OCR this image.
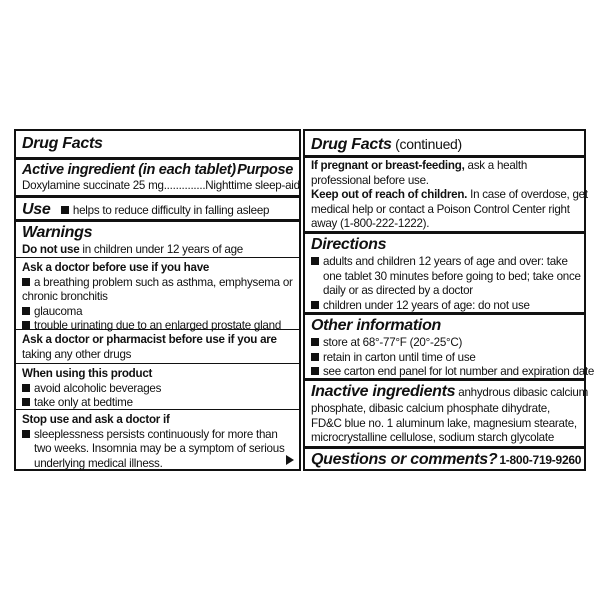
Drug Facts
Active ingredient (in each tablet) Purpose
Doxylamine succinate 25 mg..............Nighttime sleep-aid
Use helps to reduce difficulty in falling asleep
Warnings
Do not use in children under 12 years of age
Ask a doctor before use if you have
a breathing problem such as asthma, emphysema or
chronic bronchitis
glaucoma
trouble urinating due to an enlarged prostate gland
Ask a doctor or pharmacist before use if you are
taking any other drugs
When using this product
avoid alcoholic beverages
take only at bedtime
Stop use and ask a doctor if
sleeplessness persists continuously for more than
two weeks. Insomnia may be a symptom of serious
underlying medical illness.
Drug Facts (continued)
If pregnant or breast-feeding, ask a health
professional before use.
Keep out of reach of children. In case of overdose, get
medical help or contact a Poison Control Center right
away (1-800-222-1222).
Directions
adults and children 12 years of age and over: take
one tablet 30 minutes before going to bed; take once
daily or as directed by a doctor
children under 12 years of age: do not use
Other information
store at 68°-77°F (20°-25°C)
retain in carton until time of use
see carton end panel for lot number and expiration date
Inactive ingredients anhydrous dibasic calcium
phosphate, dibasic calcium phosphate dihydrate,
FD&C blue no. 1 aluminum lake, magnesium stearate,
microcrystalline cellulose, sodium starch glycolate
Questions or comments? 1-800-719-9260
